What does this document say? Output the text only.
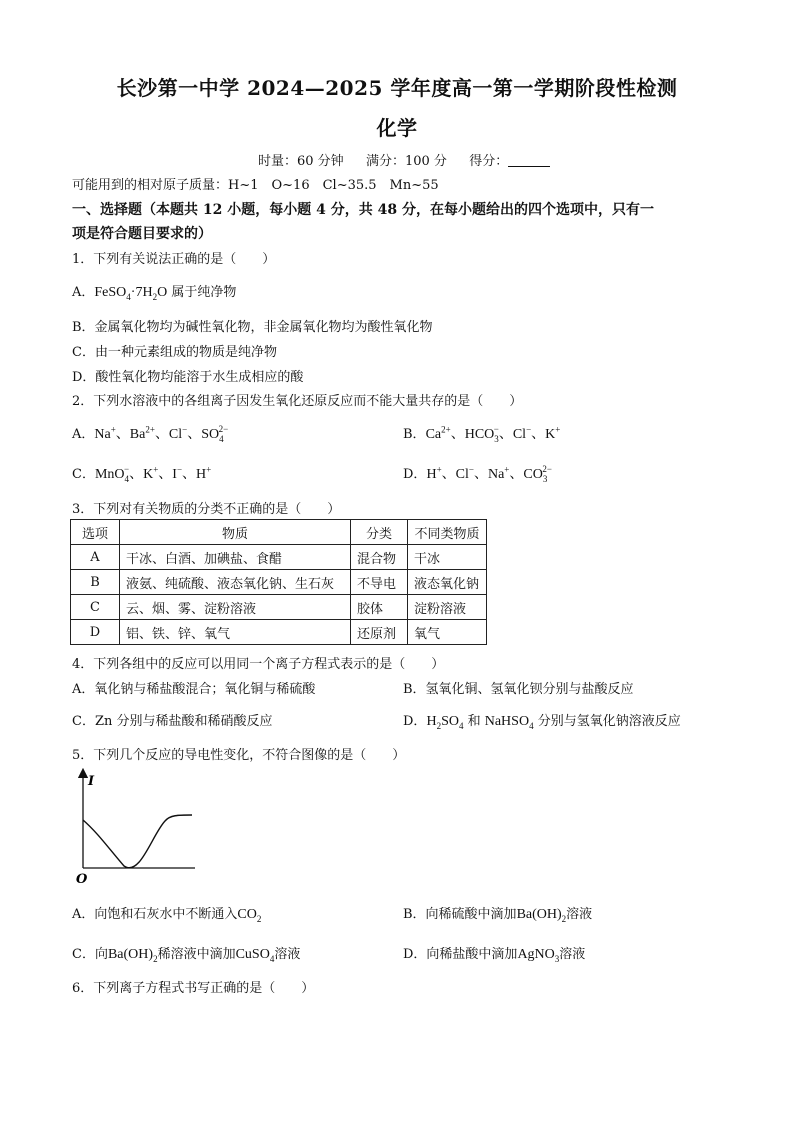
长沙第一中学 2024—2025 学年度高一第一学期阶段性检测
化学
时量：60 分钟 满分：100 分 得分：
可能用到的相对原子质量：H~1　O~16　Cl~35.5　Mn~55
一、选择题（本题共 12 小题，每小题 4 分，共 48 分，在每小题给出的四个选项中，只有一
项是符合题目要求的）
1．下列有关说法正确的是（　　）
A．$FeSO_4\cdot 7H_2O$ 属于纯净物
B．金属氧化物均为碱性氧化物，非金属氧化物均为酸性氧化物
C．由一种元素组成的物质是纯净物
D．酸性氧化物均能溶于水生成相应的酸
2．下列水溶液中的各组离子因发生氧化还原反应而不能大量共存的是（　　）
A．Na+、$Ba^{2+}$、Cl−、$SO_4^{2-}$	B．$Ca^{2+}$、$HCO_3^-$、Cl−、K+
C．MnO$_4$−、K+、I−、H+	D．H+、Cl−、Na+、$CO_3^{2-}$
3．下列对有关物质的分类不正确的是（　　）
选项	物质	分类	不同类物质
A	干冰、白酒、加碘盐、食醋	混合物	干冰
B	液氨、纯硫酸、液态氧化钠、生石灰	不导电	液态氧化钠
C	云、烟、雾、淀粉溶液	胶体	淀粉溶液
D	铝、铁、锌、氧气	还原剂	氧气
4．下列各组中的反应可以用同一个离子方程式表示的是（　　）
A．氧化钠与稀盐酸混合；氧化铜与稀硫酸	B．氢氧化铜、氢氧化钡分别与盐酸反应
C．Zn 分别与稀盐酸和稀硝酸反应	D．$H_2SO_4$ 和 NaHSO$_4$ 分别与氢氧化钠溶液反应
5．下列几个反应的导电性变化，不符合图像的是（　　）
I
O
A．向饱和石灰水中不断通入$CO_2$	B．向稀硫酸中滴加$Ba(OH)_2$溶液
C．向$Ba(OH)_2$稀溶液中滴加CuSO$_4$溶液	D．向稀盐酸中滴加AgNO$_3$溶液
6．下列离子方程式书写正确的是（　　）
